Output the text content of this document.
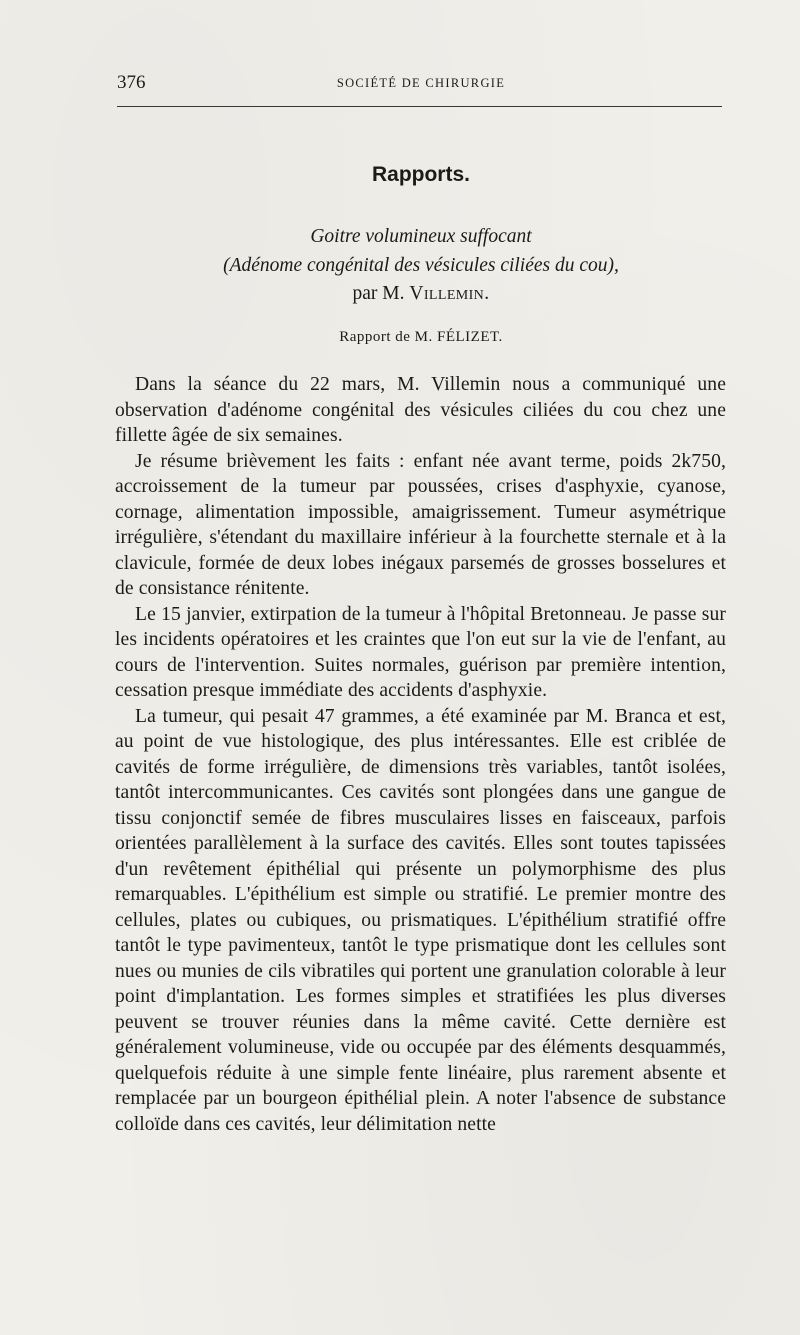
376	SOCIÉTÉ DE CHIRURGIE
Rapports.
Goitre volumineux suffocant
(Adénome congénital des vésicules ciliées du cou),
par M. Villemin.
Rapport de M. FÉLIZET.

Dans la séance du 22 mars, M. Villemin nous a communiqué une observation d'adénome congénital des vésicules ciliées du cou chez une fillette âgée de six semaines.

Je résume brièvement les faits : enfant née avant terme, poids 2k750, accroissement de la tumeur par poussées, crises d'asphyxie, cyanose, cornage, alimentation impossible, amaigrissement. Tumeur asymétrique irrégulière, s'étendant du maxillaire inférieur à la fourchette sternale et à la clavicule, formée de deux lobes inégaux parsemés de grosses bosselures et de consistance rénitente.

Le 15 janvier, extirpation de la tumeur à l'hôpital Bretonneau. Je passe sur les incidents opératoires et les craintes que l'on eut sur la vie de l'enfant, au cours de l'intervention. Suites normales, guérison par première intention, cessation presque immédiate des accidents d'asphyxie.

La tumeur, qui pesait 47 grammes, a été examinée par M. Branca et est, au point de vue histologique, des plus intéressantes. Elle est criblée de cavités de forme irrégulière, de dimensions très variables, tantôt isolées, tantôt intercommunicantes. Ces cavités sont plongées dans une gangue de tissu conjonctif semée de fibres musculaires lisses en faisceaux, parfois orientées parallèlement à la surface des cavités. Elles sont toutes tapissées d'un revêtement épithélial qui présente un polymorphisme des plus remarquables. L'épithélium est simple ou stratifié. Le premier montre des cellules, plates ou cubiques, ou prismatiques. L'épithélium stratifié offre tantôt le type pavimenteux, tantôt le type prismatique dont les cellules sont nues ou munies de cils vibratiles qui portent une granulation colorable à leur point d'implantation. Les formes simples et stratifiées les plus diverses peuvent se trouver réunies dans la même cavité. Cette dernière est généralement volumineuse, vide ou occupée par des éléments desquammés, quelquefois réduite à une simple fente linéaire, plus rarement absente et remplacée par un bourgeon épithélial plein. A noter l'absence de substance colloïde dans ces cavités, leur délimitation nette
